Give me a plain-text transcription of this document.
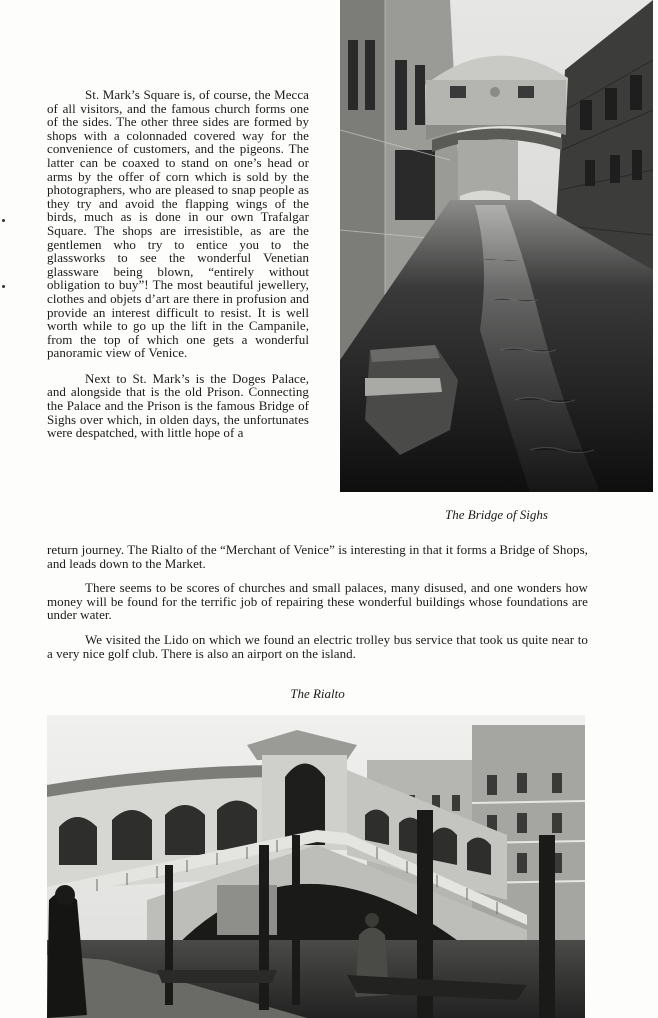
St. Mark’s Square is, of course, the Mecca of all visitors, and the famous church forms one of the sides. The other three sides are formed by shops with a colonnaded covered way for the convenience of customers, and the pigeons. The latter can be coaxed to stand on one’s head or arms by the offer of corn which is sold by the photographers, who are pleased to snap people as they try and avoid the flapping wings of the birds, much as is done in our own Trafalgar Square. The shops are irresistible, as are the gentlemen who try to entice you to the glassworks to see the wonderful Venetian glassware being blown, “entirely without obligation to buy”! The most beautiful jewellery, clothes and objets d’art are there in profusion and provide an interest difficult to resist. It is well worth while to go up the lift in the Campanile, from the top of which one gets a wonderful panoramic view of Venice.

Next to St. Mark’s is the Doges Palace, and alongside that is the old Prison. Connecting the Palace and the Prison is the famous Bridge of Sighs over which, in olden days, the unfortunates were despatched, with little hope of a

The Bridge of Sighs

return journey. The Rialto of the “Merchant of Venice” is interesting in that it forms a Bridge of Shops, and leads down to the Market.

There seems to be scores of churches and small palaces, many disused, and one wonders how money will be found for the terrific job of repairing these wonderful buildings whose foundations are under water.

We visited the Lido on which we found an electric trolley bus service that took us quite near to a very nice golf club. There is also an airport on the island.

The Rialto
